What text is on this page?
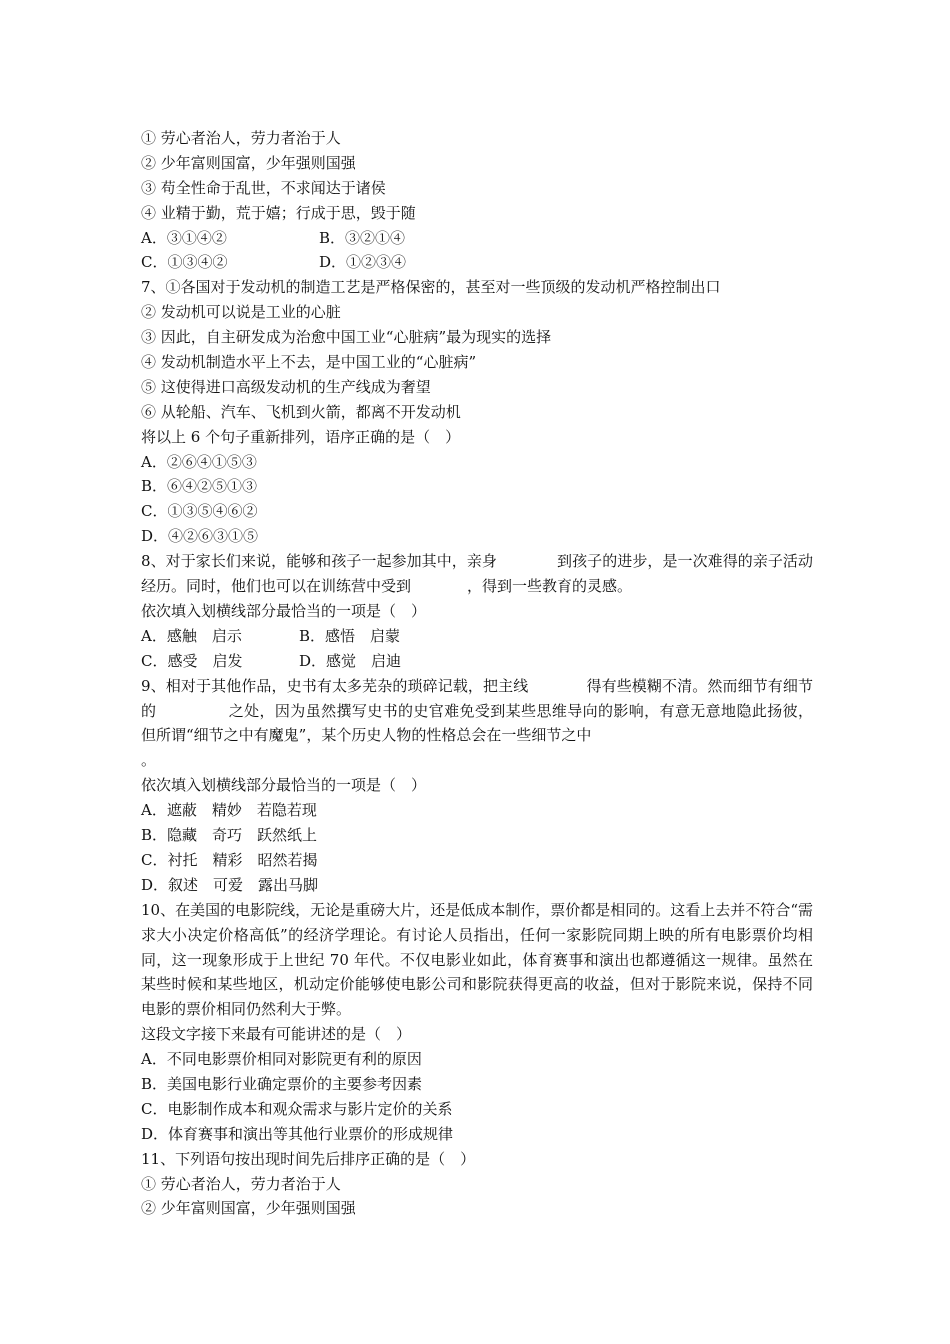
① 劳心者治人，劳力者治于人
② 少年富则国富，少年强则国强
③ 苟全性命于乱世，不求闻达于诸侯
④ 业精于勤，荒于嬉；行成于思，毁于随
A．③①④②	B．③②①④
C．①③④②	D．①②③④
7、①各国对于发动机的制造工艺是严格保密的，甚至对一些顶级的发动机严格控制出口
② 发动机可以说是工业的心脏
③ 因此，自主研发成为治愈中国工业“心脏病”最为现实的选择
④ 发动机制造水平上不去，是中国工业的“心脏病”
⑤ 这使得进口高级发动机的生产线成为奢望
⑥ 从轮船、汽车、飞机到火箭，都离不开发动机
将以上 6 个句子重新排列，语序正确的是（　）
A．②⑥④①⑤③
B．⑥④②⑤①③
C．①③⑤④⑥②
D．④②⑥③①⑤
8、对于家长们来说，能够和孩子一起参加其中，亲身	到孩子的进步，是一次难得的亲子活动经历。同时，他们也可以在训练营中受到	，得到一些教育的灵感。
依次填入划横线部分最恰当的一项是（　）
A．感触　启示	B．感悟　启蒙
C．感受　启发	D．感觉　启迪
9、相对于其他作品，史书有太多芜杂的琐碎记载，把主线	得有些模糊不清。然而细节有细节的	之处，因为虽然撰写史书的史官难免受到某些思维导向的影响，有意无意地隐此扬彼，但所谓“细节之中有魔鬼”，某个历史人物的性格总会在一些细节之中
。
依次填入划横线部分最恰当的一项是（　）
A．遮蔽　精妙　若隐若现
B．隐藏　奇巧　跃然纸上
C．衬托　精彩　昭然若揭
D．叙述　可爱　露出马脚
10、在美国的电影院线，无论是重磅大片，还是低成本制作，票价都是相同的。这看上去并不符合“需求大小决定价格高低”的经济学理论。有讨论人员指出，任何一家影院同期上映的所有电影票价均相同，这一现象形成于上世纪 70 年代。不仅电影业如此，体育赛事和演出也都遵循这一规律。虽然在某些时候和某些地区，机动定价能够使电影公司和影院获得更高的收益，但对于影院来说，保持不同电影的票价相同仍然利大于弊。
这段文字接下来最有可能讲述的是（　）
A．不同电影票价相同对影院更有利的原因
B．美国电影行业确定票价的主要参考因素
C．电影制作成本和观众需求与影片定价的关系
D．体育赛事和演出等其他行业票价的形成规律
11、下列语句按出现时间先后排序正确的是（　）
① 劳心者治人，劳力者治于人
② 少年富则国富，少年强则国强
